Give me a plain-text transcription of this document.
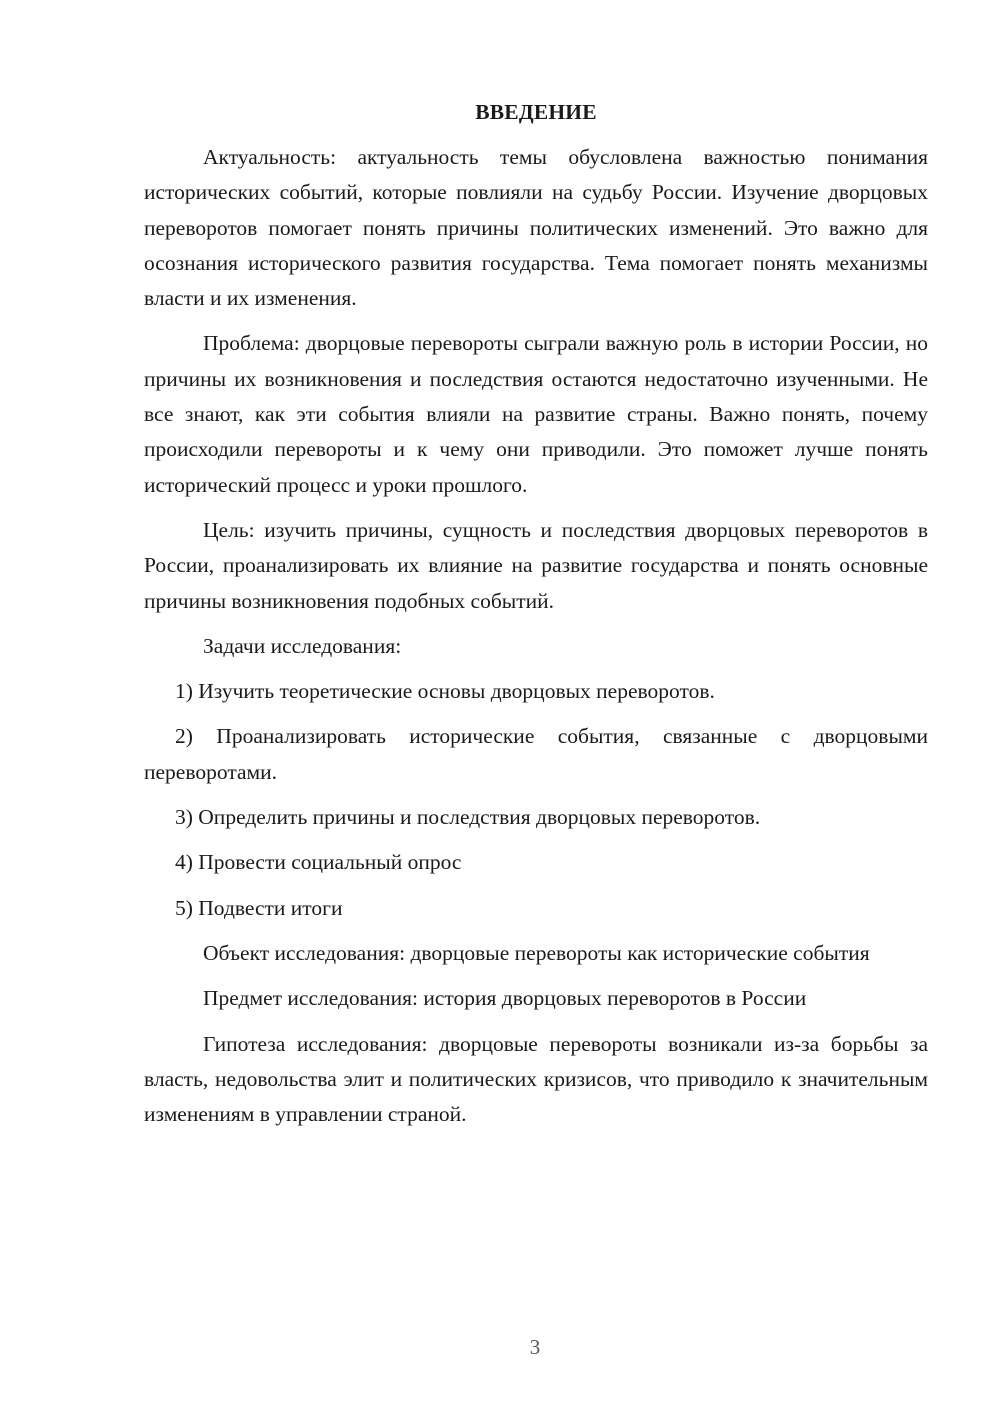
ВВЕДЕНИЕ

Актуальность: актуальность темы обусловлена важностью понимания исторических событий, которые повлияли на судьбу России. Изучение дворцовых переворотов помогает понять причины политических изменений. Это важно для осознания исторического развития государства. Тема помогает понять механизмы власти и их изменения.

Проблема: дворцовые перевороты сыграли важную роль в истории России, но причины их возникновения и последствия остаются недостаточно изученными. Не все знают, как эти события влияли на развитие страны. Важно понять, почему происходили перевороты и к чему они приводили. Это поможет лучше понять исторический процесс и уроки прошлого.

Цель: изучить причины, сущность и последствия дворцовых переворотов в России, проанализировать их влияние на развитие государства и понять основные причины возникновения подобных событий.

Задачи исследования:

1) Изучить теоретические основы дворцовых переворотов.

2) Проанализировать исторические события, связанные с дворцовыми переворотами.

3) Определить причины и последствия дворцовых переворотов.

4) Провести социальный опрос

5) Подвести итоги

Объект исследования: дворцовые перевороты как исторические события

Предмет исследования: история дворцовых переворотов в России

Гипотеза исследования: дворцовые перевороты возникали из-за борьбы за власть, недовольства элит и политических кризисов, что приводило к значительным изменениям в управлении страной.

3
